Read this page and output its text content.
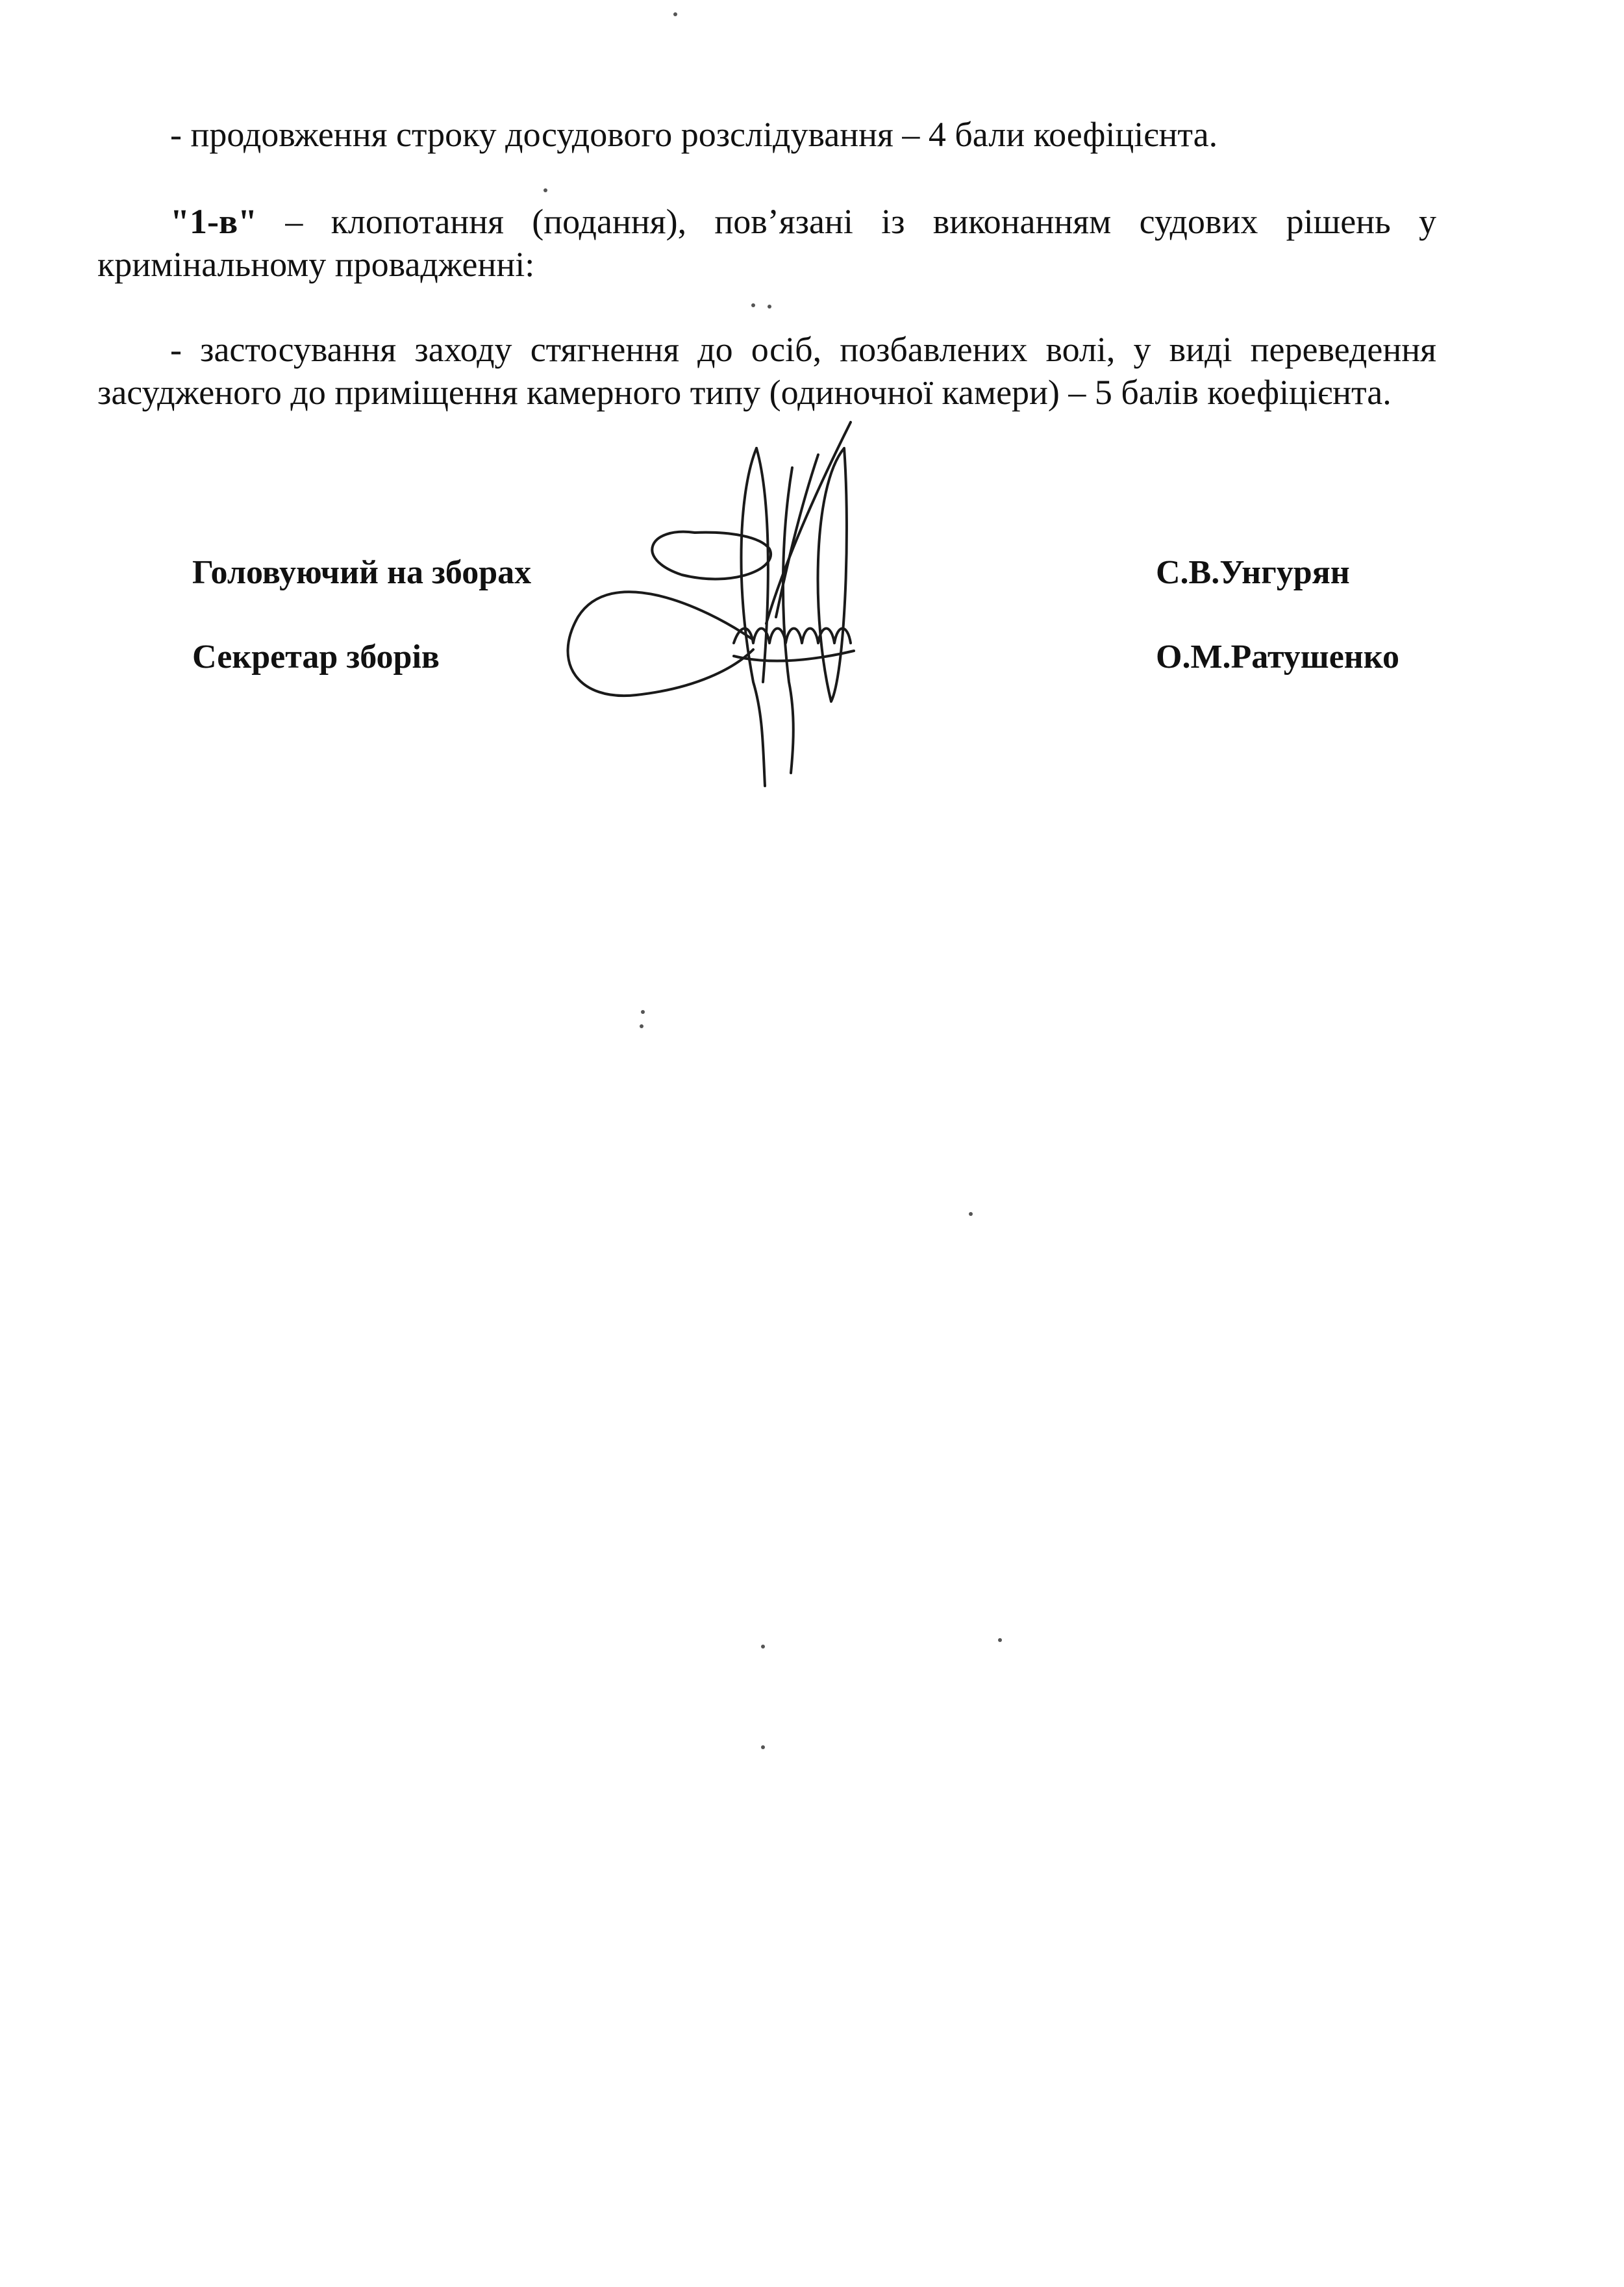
- продовження строку досудового розслідування – 4 бали коефіцієнта.

"1-в" – клопотання (подання), пов’язані із виконанням судових рішень у кримінальному провадженні:

- застосування заходу стягнення до осіб, позбавлених волі, у виді переведення засудженого до приміщення камерного типу (одиночної камери) – 5 балів коефіцієнта.

Головуючий на зборах	С.В.Унгурян
Секретар зборів	О.М.Ратушенко
